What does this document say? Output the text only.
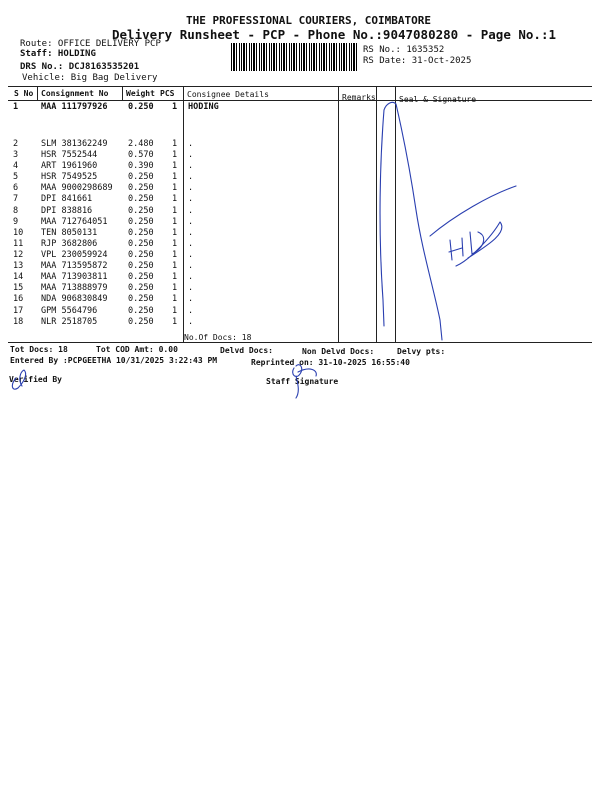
THE PROFESSIONAL COURIERS, COIMBATORE
Delivery Runsheet - PCP - Phone No.:9047080280 - Page No.:1
Route: OFFICE DELIVERY PCP
Staff: HOLDING
DRS No.: DCJ8163535201
Vehicle: Big Bag Delivery
RS No.: 1635352
RS Date: 31-Oct-2025
S No Consignment No Weight PCS Consignee Details	Remarks	Seal & Signature
1	MAA 111797926 0.250 1 HODING
2	SLM 381362249 2.480 1 .
3	HSR 7552544	0.570 1 .
4	ART 1961960	0.390 1 .
5	HSR 7549525	0.250 1 .
6	MAA 9000298689 0.250 1 .
7	DPI 841661	0.250 1 .
8	DPI 838816	0.250 1 .
9	MAA 712764051 0.250 1 .
10 TEN 8050131	0.250 1 .
11 RJP 3682806	0.250 1 .
12 VPL 230059924 0.250 1 .
13 MAA 713595872 0.250 1 .
14 MAA 713903811 0.250 1 .
15 MAA 713888979 0.250 1 .
16 NDA 906830849 0.250 1 .
17 GPM 5564796	0.250 1 .
18 NLR 2518705	0.250 1 .
No.Of Docs: 18
Tot Docs: 18	Tot COD Amt: 0.00	Delvd Docs:	Non Delvd Docs:	Delvy pts:
Entered By :PCPGEETHA 10/31/2025 3:22:43 PM	Reprinted on: 31-10-2025 16:55:40
Verified By	Staff Signature
